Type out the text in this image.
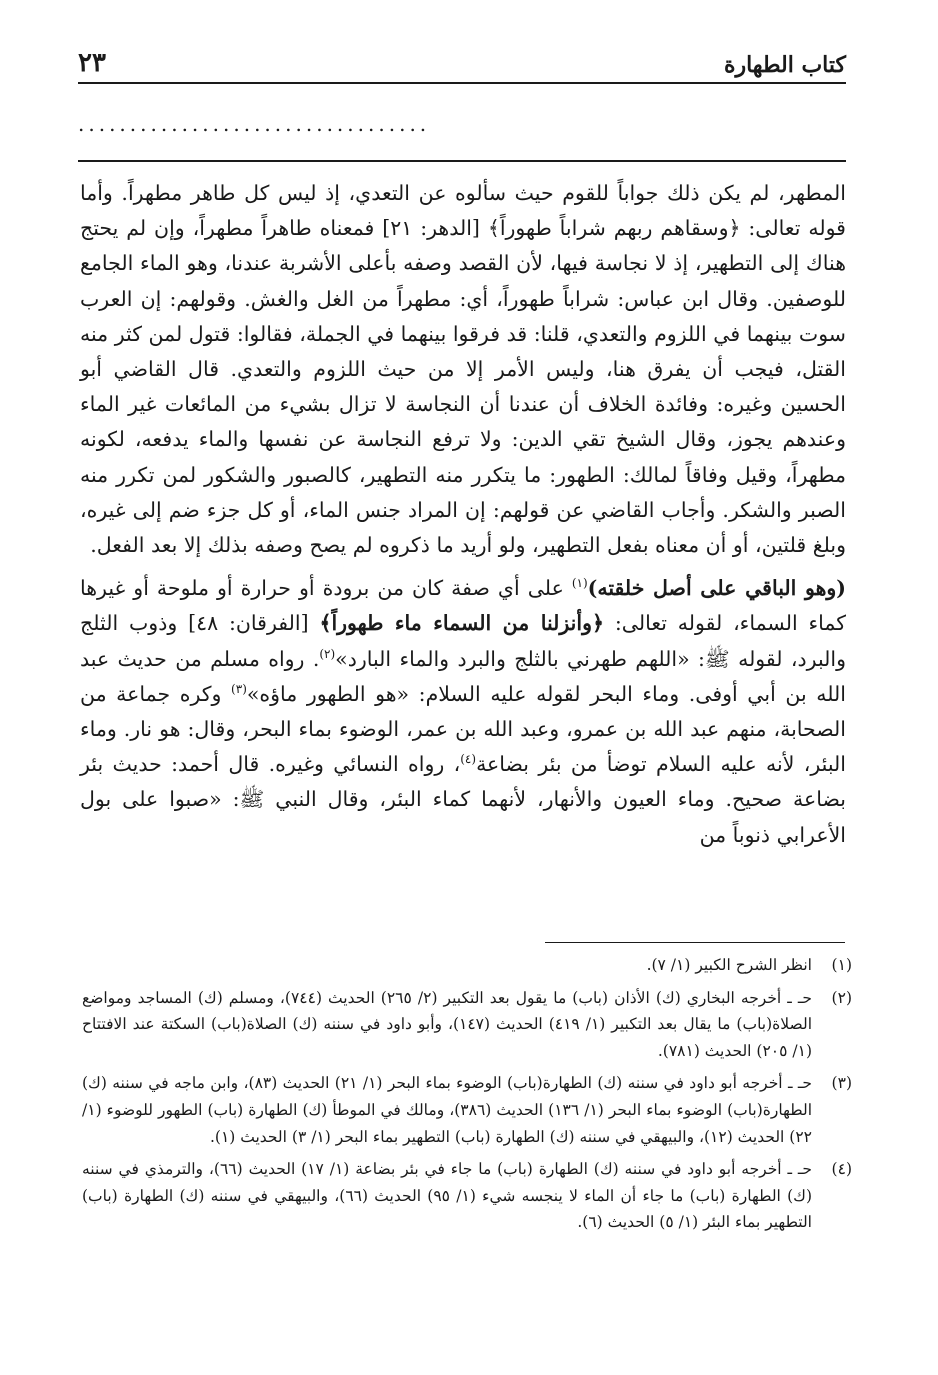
٢٣	كتاب الطهارة
..................................

المطهر، لم يكن ذلك جواباً للقوم حيث سألوه عن التعدي، إذ ليس كل طاهر مطهراً. وأما قوله تعالى: ﴿وسقاهم ربهم شراباً طهوراً﴾ [الدهر: ٢١] فمعناه طاهراً مطهراً، وإن لم يحتج هناك إلى التطهير، إذ لا نجاسة فيها، لأن القصد وصفه بأعلى الأشربة عندنا، وهو الماء الجامع للوصفين. وقال ابن عباس: شراباً طهوراً، أي: مطهراً من الغل والغش. وقولهم: إن العرب سوت بينهما في اللزوم والتعدي، قلنا: قد فرقوا بينهما في الجملة، فقالوا: قتول لمن كثر منه القتل، فيجب أن يفرق هنا، وليس الأمر إلا من حيث اللزوم والتعدي. قال القاضي أبو الحسين وغيره: وفائدة الخلاف أن عندنا أن النجاسة لا تزال بشيء من المائعات غير الماء وعندهم يجوز، وقال الشيخ تقي الدين: ولا ترفع النجاسة عن نفسها والماء يدفعه، لكونه مطهراً، وقيل وفاقاً لمالك: الطهور: ما يتكرر منه التطهير، كالصبور والشكور لمن تكرر منه الصبر والشكر. وأجاب القاضي عن قولهم: إن المراد جنس الماء، أو كل جزء ضم إلى غيره، وبلغ قلتين، أو أن معناه بفعل التطهير، ولو أريد ما ذكروه لم يصح وصفه بذلك إلا بعد الفعل.

(وهو الباقي على أصل خلقته)$^{(١)}$ على أي صفة كان من برودة أو حرارة أو ملوحة أو غيرها كماء السماء، لقوله تعالى: ﴿وأنزلنا من السماء ماء طهوراً﴾ [الفرقان: ٤٨] وذوب الثلج والبرد، لقوله ﷺ: «اللهم طهرني بالثلج والبرد والماء البارد»$^{(٢)}$. رواه مسلم من حديث عبد الله بن أبي أوفى. وماء البحر لقوله عليه السلام: «هو الطهور ماؤه»$^{(٣)}$ وكره جماعة من الصحابة، منهم عبد الله بن عمرو، وعبد الله بن عمر، الوضوء بماء البحر، وقال: هو نار. وماء البئر، لأنه عليه السلام توضأ من بئر بضاعة$^{(٤)}$، رواه النسائي وغيره. قال أحمد: حديث بئر بضاعة صحيح. وماء العيون والأنهار، لأنهما كماء البئر، وقال النبي ﷺ: «صبوا على بول الأعرابي ذنوباً من

(١)
انظر الشرح الكبير (١/ ٧).
(٢)
حـ ـ أخرجه البخاري (ك) الأذان (باب) ما يقول بعد التكبير (٢/ ٢٦٥) الحديث (٧٤٤)، ومسلم (ك) المساجد ومواضع الصلاة(باب) ما يقال بعد التكبير (١/ ٤١٩) الحديث (١٤٧)، وأبو داود في سننه (ك) الصلاة(باب) السكتة عند الافتتاح (١/ ٢٠٥) الحديث (٧٨١).
(٣)
حـ ـ أخرجه أبو داود في سننه (ك) الطهارة(باب) الوضوء بماء البحر (١/ ٢١) الحديث (٨٣)، وابن ماجه في سننه (ك) الطهارة(باب) الوضوء بماء البحر (١/ ١٣٦) الحديث (٣٨٦)، ومالك في الموطأ (ك) الطهارة (باب) الطهور للوضوء (١/ ٢٢) الحديث (١٢)، والبيهقي في سننه (ك) الطهارة (باب) التطهير بماء البحر (١/ ٣) الحديث (١).
(٤)
حـ ـ أخرجه أبو داود في سننه (ك) الطهارة (باب) ما جاء في بئر بضاعة (١/ ١٧) الحديث (٦٦)، والترمذي في سننه (ك) الطهارة (باب) ما جاء أن الماء لا ينجسه شيء (١/ ٩٥) الحديث (٦٦)، والبيهقي في سننه (ك) الطهارة (باب) التطهير بماء البئر (١/ ٥) الحديث (٦).
